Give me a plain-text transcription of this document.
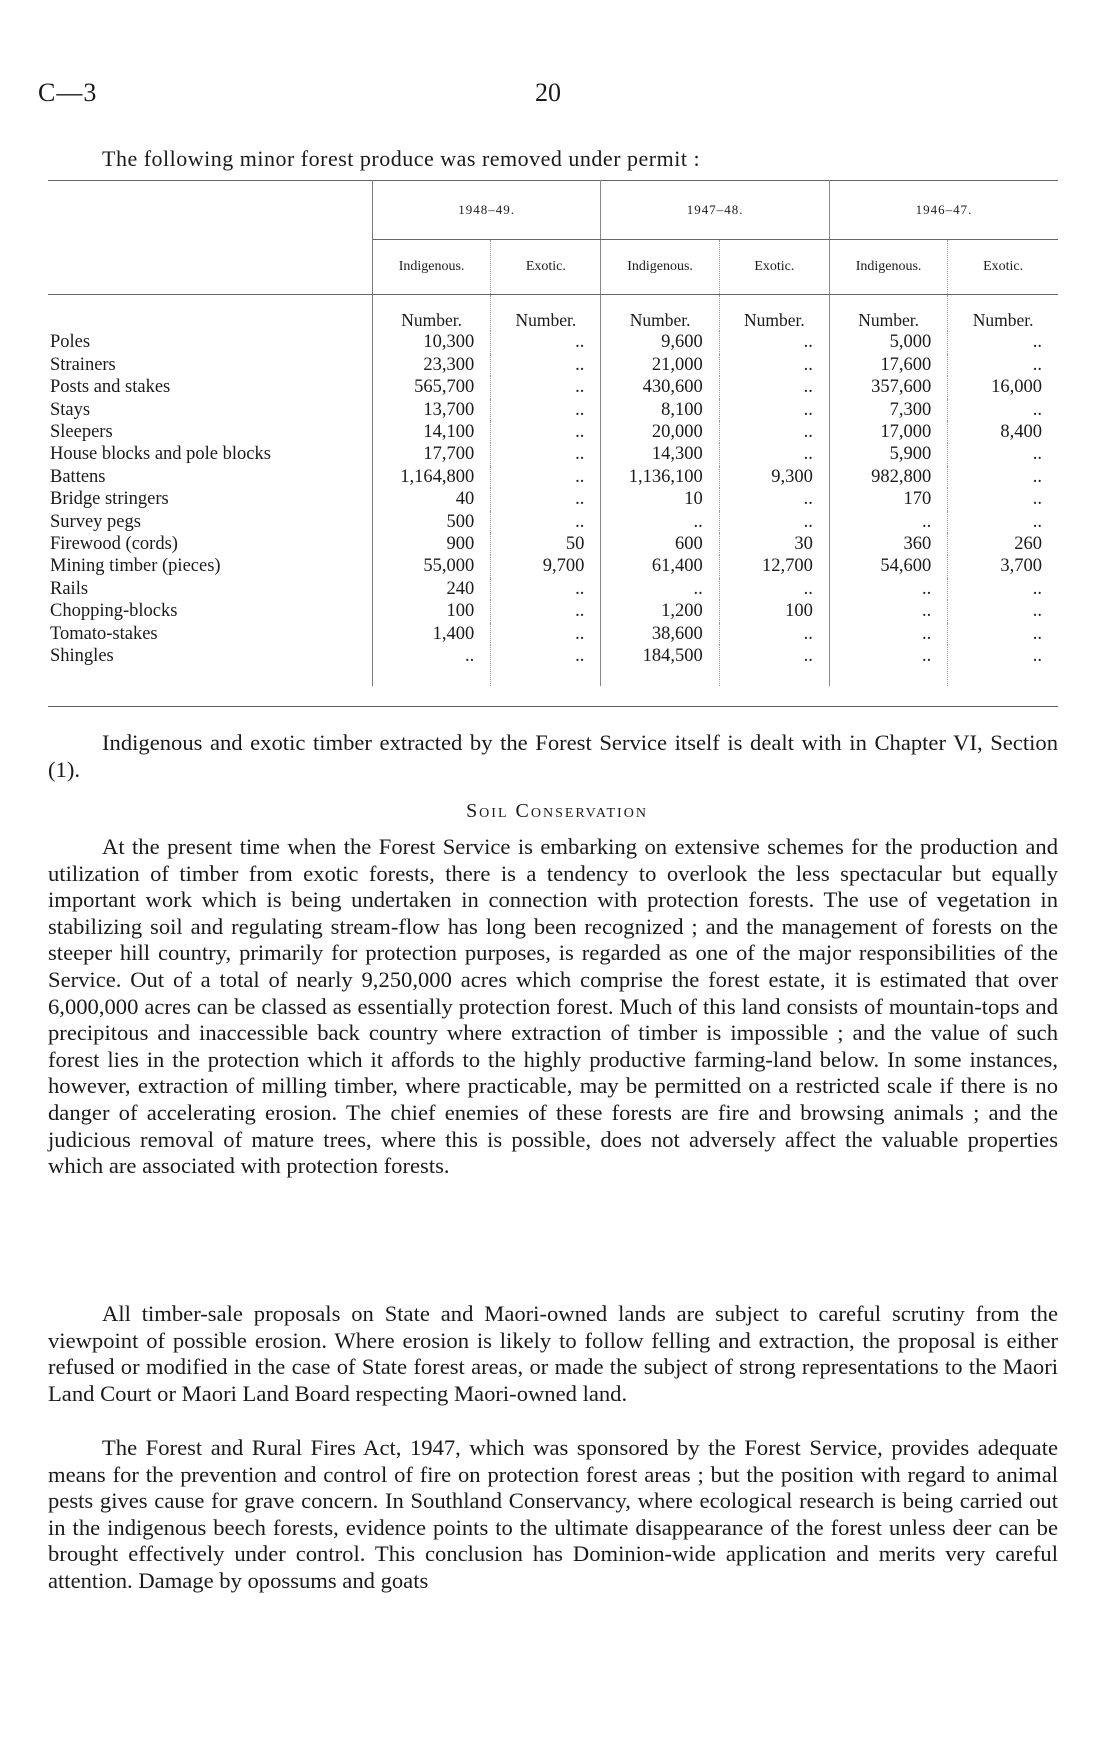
C—3	20
The following minor forest produce was removed under permit :
	1948–49.		1947–48.		1946–47.	
	Indigenous.	Exotic.	Indigenous.	Exotic.	Indigenous.	Exotic.
	Number.	Number.	Number.	Number.	Number.	Number.
Poles	10,300	..	9,600	..	5,000	..
Strainers	23,300	..	21,000	..	17,600	..
Posts and stakes	565,700	..	430,600	..	357,600	16,000
Stays	13,700	..	8,100	..	7,300	..
Sleepers	14,100	..	20,000	..	17,000	8,400
House blocks and pole blocks	17,700	..	14,300	..	5,900	..
Battens	1,164,800	..	1,136,100	9,300	982,800	..
Bridge stringers	40	..	10	..	170	..
Survey pegs	500	..	..	..	..	..
Firewood (cords)	900	50	600	30	360	260
Mining timber (pieces)	55,000	9,700	61,400	12,700	54,600	3,700
Rails	240	..	..	..	..	..
Chopping-blocks	100	..	1,200	100	..	..
Tomato-stakes	1,400	..	38,600	..	..	..
Shingles	..	..	184,500	..	..	..
Indigenous and exotic timber extracted by the Forest Service itself is dealt with in Chapter VI, Section (1).
Soil Conservation
At the present time when the Forest Service is embarking on extensive schemes for the production and utilization of timber from exotic forests, there is a tendency to overlook the less spectacular but equally important work which is being undertaken in connection with protection forests. The use of vegetation in stabilizing soil and regulating stream-flow has long been recognized ; and the management of forests on the steeper hill country, primarily for protection purposes, is regarded as one of the major responsibilities of the Service. Out of a total of nearly 9,250,000 acres which comprise the forest estate, it is estimated that over 6,000,000 acres can be classed as essentially protection forest. Much of this land consists of mountain-tops and precipitous and inaccessible back country where extraction of timber is impossible ; and the value of such forest lies in the protection which it affords to the highly productive farming-land below. In some instances, however, extraction of milling timber, where practicable, may be permitted on a restricted scale if there is no danger of accelerating erosion. The chief enemies of these forests are fire and browsing animals ; and the judicious removal of mature trees, where this is possible, does not adversely affect the valuable properties which are associated with protection forests.
All timber-sale proposals on State and Maori-owned lands are subject to careful scrutiny from the viewpoint of possible erosion. Where erosion is likely to follow felling and extraction, the proposal is either refused or modified in the case of State forest areas, or made the subject of strong representations to the Maori Land Court or Maori Land Board respecting Maori-owned land.
The Forest and Rural Fires Act, 1947, which was sponsored by the Forest Service, provides adequate means for the prevention and control of fire on protection forest areas ; but the position with regard to animal pests gives cause for grave concern. In Southland Conservancy, where ecological research is being carried out in the indigenous beech forests, evidence points to the ultimate disappearance of the forest unless deer can be brought effectively under control. This conclusion has Dominion-wide application and merits very careful attention. Damage by opossums and goats
